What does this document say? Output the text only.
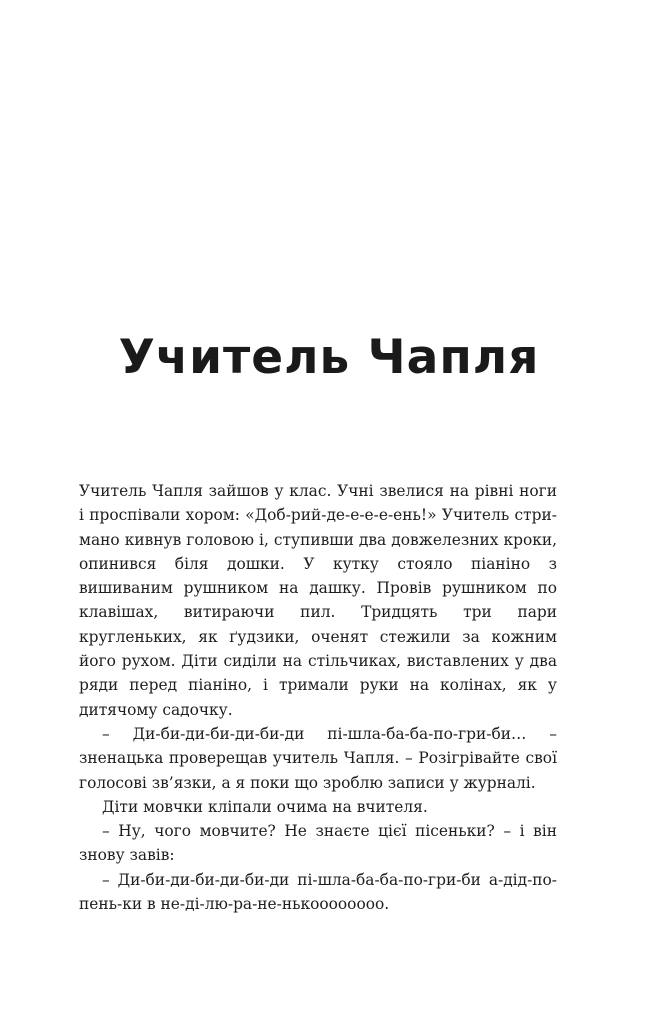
Учитель Чапля

Учитель Чапля зайшов у клас. Учні звелися на рівні ноги і проспівали хором: «Доб-рий-де-е-е-е-ень!» Учитель стримано кивнув головою і, ступивши два довжелезних кроки, опинився біля дошки. У кутку стояло піаніно з вишиваним рушником на дашку. Провів рушником по клавішах, витираючи пил. Тридцять три пари кругленьких, як ґудзики, оченят стежили за кожним його рухом. Діти сиділи на стільчиках, виставлених у два ряди перед піаніно, і тримали руки на колінах, як у дитячому садочку.

– Ди-би-ди-би-ди-би-ди пі-шла-ба-ба-по-гри-би… – зненацька проверещав учитель Чапля. – Розігрівайте свої голосові зв’язки, а я поки що зроблю записи у журналі.

Діти мовчки кліпали очима на вчителя.

– Ну, чого мовчите? Не знаєте цієї пісеньки? – і він знову завів:

– Ди-би-ди-би-ди-би-ди пі-шла-ба-ба-по-гри-би а-дід-попень-ки в не-ді-лю-ра-не-нькоооооооо.
